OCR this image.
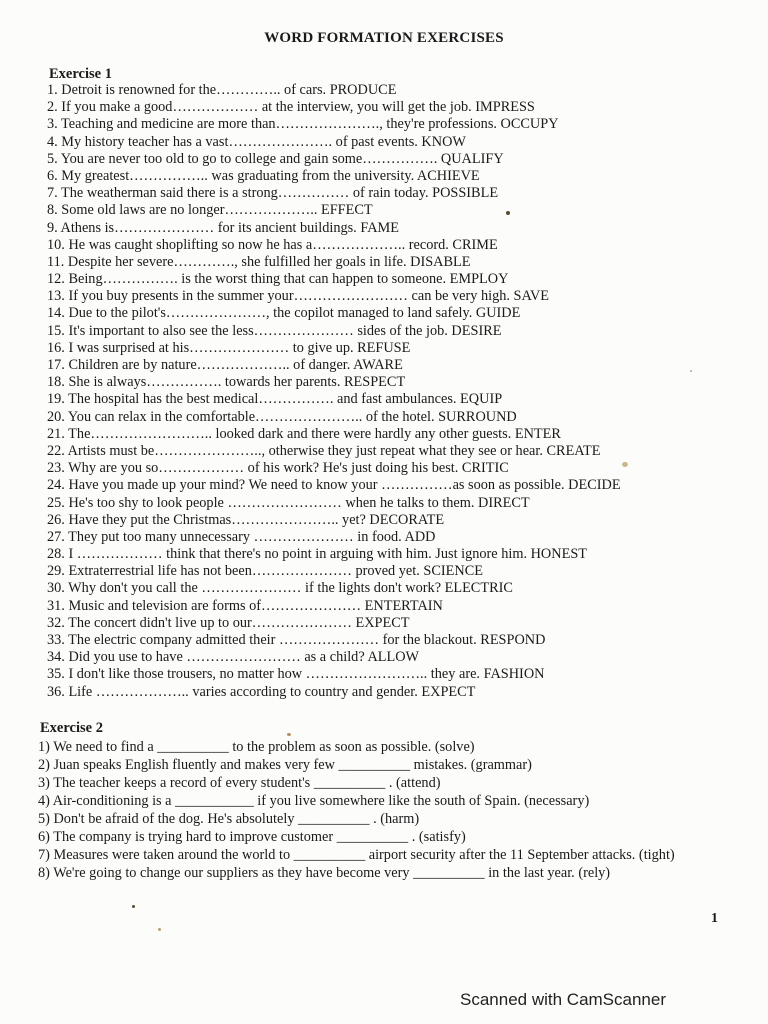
WORD FORMATION EXERCISES
Exercise 1
1. Detroit is renowned for the………….. of cars. PRODUCE
2. If you make a good……………… at the interview, you will get the job. IMPRESS
3. Teaching and medicine are more than…………………., they're professions. OCCUPY
4. My history teacher has a vast…………………. of past events. KNOW
5. You are never too old to go to college and gain some……………. QUALIFY
6. My greatest…………….. was graduating from the university. ACHIEVE
7. The weatherman said there is a strong…………… of rain today. POSSIBLE
8. Some old laws are no longer……………….. EFFECT
9. Athens is………………… for its ancient buildings. FAME
10. He was caught shoplifting so now he has a……………….. record. CRIME
11. Despite her severe…………., she fulfilled her goals in life. DISABLE
12. Being……………. is the worst thing that can happen to someone. EMPLOY
13. If you buy presents in the summer your…………………… can be very high. SAVE
14. Due to the pilot's…………………, the copilot managed to land safely. GUIDE
15. It's important to also see the less………………… sides of the job. DESIRE
16. I was surprised at his………………… to give up. REFUSE
17. Children are by nature……………….. of danger. AWARE
18. She is always……………. towards her parents. RESPECT
19. The hospital has the best medical……………. and fast ambulances. EQUIP
20. You can relax in the comfortable………………….. of the hotel. SURROUND
21. The…………………….. looked dark and there were hardly any other guests. ENTER
22. Artists must be………………….., otherwise they just repeat what they see or hear. CREATE
23. Why are you so……………… of his work? He's just doing his best. CRITIC
24. Have you made up your mind? We need to know your ……………as soon as possible. DECIDE
25. He's too shy to look people …………………… when he talks to them. DIRECT
26. Have they put the Christmas………………….. yet? DECORATE
27. They put too many unnecessary ………………… in food. ADD
28. I ……………… think that there's no point in arguing with him. Just ignore him. HONEST
29. Extraterrestrial life has not been………………… proved yet. SCIENCE
30. Why don't you call the ………………… if the lights don't work? ELECTRIC
31. Music and television are forms of………………… ENTERTAIN
32. The concert didn't live up to our………………… EXPECT
33. The electric company admitted their ………………… for the blackout. RESPOND
34. Did you use to have …………………… as a child? ALLOW
35. I don't like those trousers, no matter how …………………….. they are. FASHION
36. Life ……………….. varies according to country and gender. EXPECT
Exercise 2
1) We need to find a __________ to the problem as soon as possible. (solve)
2) Juan speaks English fluently and makes very few __________ mistakes. (grammar)
3) The teacher keeps a record of every student's __________ . (attend)
4) Air-conditioning is a ___________ if you live somewhere like the south of Spain. (necessary)
5) Don't be afraid of the dog. He's absolutely __________ . (harm)
6) The company is trying hard to improve customer __________ . (satisfy)
7) Measures were taken around the world to __________ airport security after the 11 September attacks. (tight)
8) We're going to change our suppliers as they have become very __________ in the last year. (rely)
1
Scanned with CamScanner
